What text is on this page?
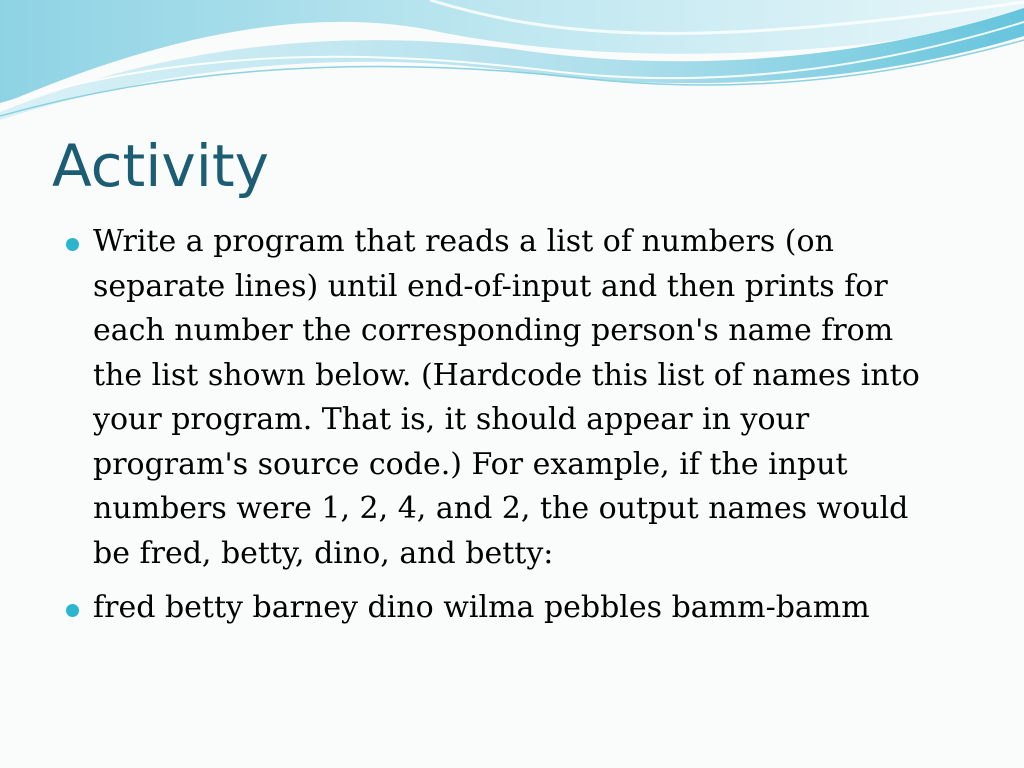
Activity
Write a program that reads a list of numbers (on
separate lines) until end-of-input and then prints for
each number the corresponding person's name from
the list shown below. (Hardcode this list of names into
your program. That is, it should appear in your
program's source code.) For example, if the input
numbers were 1, 2, 4, and 2, the output names would
be fred, betty, dino, and betty:
fred betty barney dino wilma pebbles bamm-bamm
